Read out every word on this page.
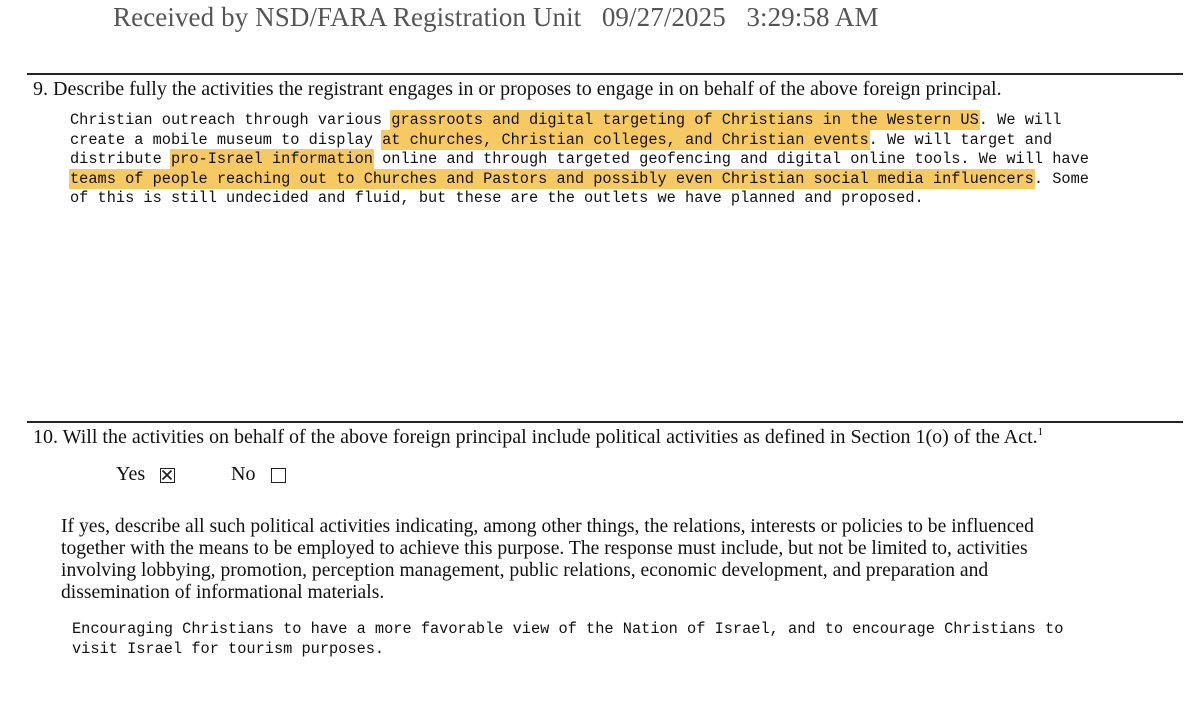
Received by NSD/FARA Registration Unit   09/27/2025   3:29:58 AM
9. Describe fully the activities the registrant engages in or proposes to engage in on behalf of the above foreign principal.
Christian outreach through various grassroots and digital targeting of Christians in the Western US. We will
create a mobile museum to display at churches, Christian colleges, and Christian events. We will target and
distribute pro-Israel information online and through targeted geofencing and digital online tools. We will have
teams of people reaching out to Churches and Pastors and possibly even Christian social media influencers. Some
of this is still undecided and fluid, but these are the outlets we have planned and proposed.
10. Will the activities on behalf of the above foreign principal include political activities as defined in Section 1(o) of the Act.$^1$
Yes	No
If yes, describe all such political activities indicating, among other things, the relations, interests or policies to be influenced
together with the means to be employed to achieve this purpose. The response must include, but not be limited to, activities
involving lobbying, promotion, perception management, public relations, economic development, and preparation and
dissemination of informational materials.
Encouraging Christians to have a more favorable view of the Nation of Israel, and to encourage Christians to
visit Israel for tourism purposes.
